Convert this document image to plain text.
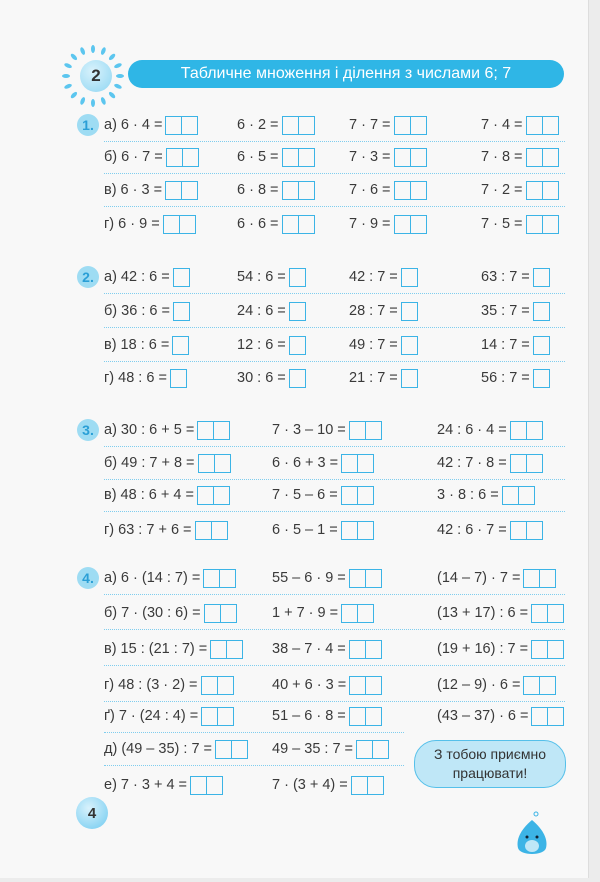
2	Табличне множення і ділення з числами 6; 7
1. а) 6 · 4 =	6 · 2 =	7 · 7 =	7 · 4 =
б) 6 · 7 =	6 · 5 =	7 · 3 =	7 · 8 =
в) 6 · 3 =	6 · 8 =	7 · 6 =	7 · 2 =
г) 6 · 9 =	6 · 6 =	7 · 9 =	7 · 5 =
2. а) 42 : 6 =	54 : 6 =	42 : 7 =	63 : 7 =
б) 36 : 6 =	24 : 6 =	28 : 7 =	35 : 7 =
в) 18 : 6 =	12 : 6 =	49 : 7 =	14 : 7 =
г) 48 : 6 =	30 : 6 =	21 : 7 =	56 : 7 =
3. а) 30 : 6 + 5 =	7 · 3 – 10 =	24 : 6 · 4 =
б) 49 : 7 + 8 =	6 · 6 + 3 =	42 : 7 · 8 =
в) 48 : 6 + 4 =	7 · 5 – 6 =	3 · 8 : 6 =
г) 63 : 7 + 6 =	6 · 5 – 1 =	42 : 6 · 7 =
4. а) 6 · (14 : 7) =	55 – 6 · 9 =	(14 – 7) · 7 =
б) 7 · (30 : 6) =	1 + 7 · 9 =	(13 + 17) : 6 =
в) 15 : (21 : 7) =	38 – 7 · 4 =	(19 + 16) : 7 =
г) 48 : (3 · 2) =	40 + 6 · 3 =	(12 – 9) · 6 =
ґ) 7 · (24 : 4) =	51 – 6 · 8 =	(43 – 37) · 6 =
д) (49 – 35) : 7 =	49 – 35 : 7 =
е) 7 · 3 + 4 =	7 · (3 + 4) =
З тобою приємно
працювати!
4
